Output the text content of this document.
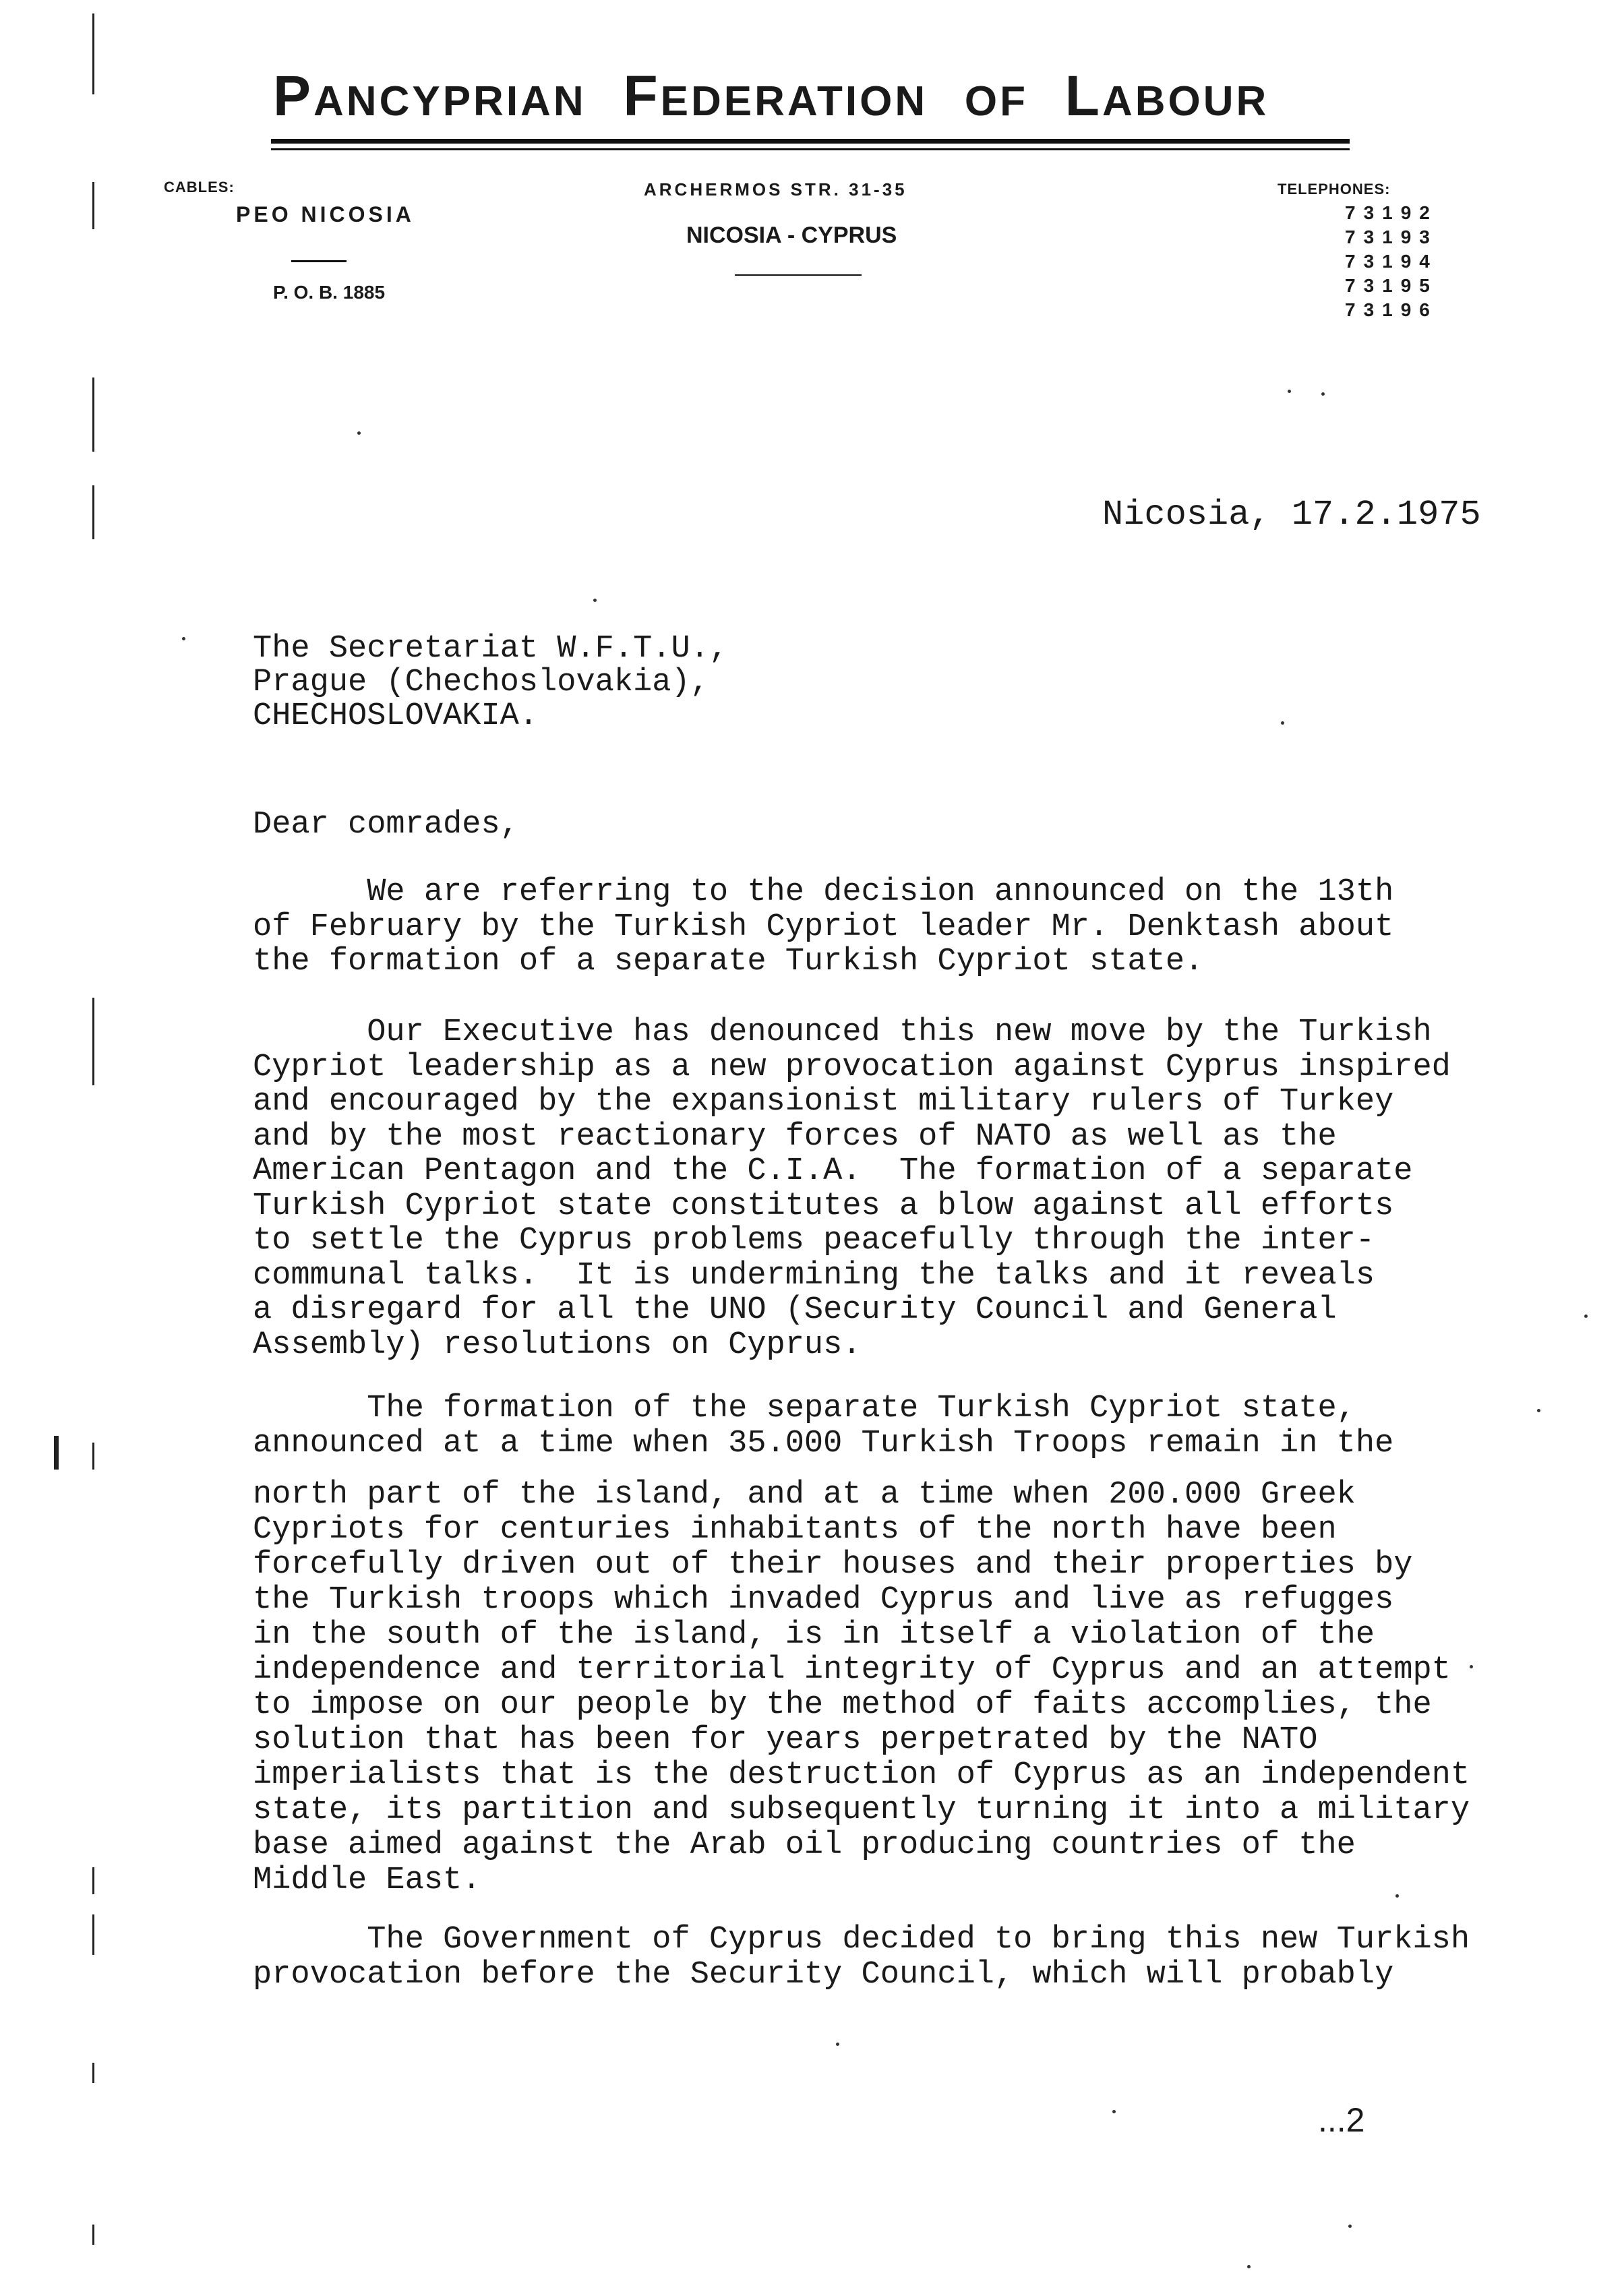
PANCYPRIAN FEDERATION OF LABOUR
CABLES:
PEO NICOSIA
P. O. B. 1885
ARCHERMOS STR. 31-35
NICOSIA - CYPRUS
TELEPHONES:
73192
73193
73194
73195
73196
Nicosia, 17.2.1975
The Secretariat W.F.T.U.,
Prague (Chechoslovakia),
CHECHOSLOVAKIA.
Dear comrades,
We are referring to the decision announced on the 13th
of February by the Turkish Cypriot leader Mr. Denktash about
the formation of a separate Turkish Cypriot state.
Our Executive has denounced this new move by the Turkish
Cypriot leadership as a new provocation against Cyprus inspired
and encouraged by the expansionist military rulers of Turkey
and by the most reactionary forces of NATO as well as the
American Pentagon and the C.I.A.  The formation of a separate
Turkish Cypriot state constitutes a blow against all efforts
to settle the Cyprus problems peacefully through the inter-
communal talks.  It is undermining the talks and it reveals
a disregard for all the UNO (Security Council and General
Assembly) resolutions on Cyprus.
The formation of the separate Turkish Cypriot state,
announced at a time when 35.000 Turkish Troops remain in the
north part of the island, and at a time when 200.000 Greek
Cypriots for centuries inhabitants of the north have been
forcefully driven out of their houses and their properties by
the Turkish troops which invaded Cyprus and live as refugges
in the south of the island, is in itself a violation of the
independence and territorial integrity of Cyprus and an attempt
to impose on our people by the method of faits accomplies, the
solution that has been for years perpetrated by the NATO
imperialists that is the destruction of Cyprus as an independent
state, its partition and subsequently turning it into a military
base aimed against the Arab oil producing countries of the
Middle East.
The Government of Cyprus decided to bring this new Turkish
provocation before the Security Council, which will probably
...2
